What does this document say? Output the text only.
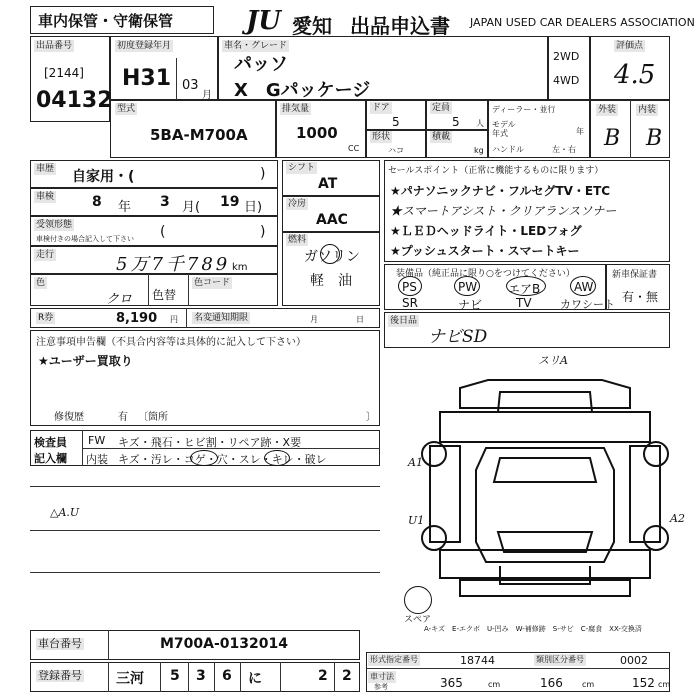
車内保管・守衛保管	JU 愛知 出品申込書 JAPAN USED CAR DEALERS ASSOCIATION
出品番号
[2144]
04132
初度登録年月
H31 03
月
車名・グレード
パッソ
X　Gパッケージ
2WD
4WD
評価点
4.5
型式
5BA-M700A
排気量
1000
CC
ドア
5
定員
5 人
形状
ハコ
積載
kg
ディーラー・並行
モデル年式	年
ハンドル	左・右
外装 内装
B B
車歴 自家用・(	)
車検	8 年 3 月( 19 日)
受领形態
車検付きの場合記入して下さい (	)
走行	5万7千789 km
色
クロ 色替
色コード
シフト
AT
冷房
AAC
燃料
ガソリン
軽　油
セールスポイント（正常に機能するものに限ります）
★パナソニックナビ・フルセグTV・ETC
★スマートアシスト・クリアランスソナー
★ＬＥＤヘッドライト・LEDフォグ
★プッシュスタート・スマートキー
装備品（純正品に限り○をつけてください）
PS	PW	エアB	AW
SR	ナビ	TV	カワシート
新車保証書
有・無
R券	8,190 円 名変通知期限	月	日	後日品
ナビSD
注意事項申告欄（不具合内容等は具体的に記入して下さい）
★ユーザー買取り
修復歴	有 〔箇所	〕
検査員
記入欄
FW キズ・飛石・ヒビ割・リペア跡・X要
内装 キズ・汚レ・コゲ・穴・スレ・キレ・破レ
△A.U
スリA
A1
U1	A2
スペア
A-キズ　E-エクボ　U-凹み　W-補修跡　S-サビ　C-腐食　XX-交換済
車台番号	M700A-0132014
登録番号 三河 5 3 6 に	2 2
形式指定番号	18744	類別区分番号	0002
車寸法
参考	365	cm	166 cm	152 cm
